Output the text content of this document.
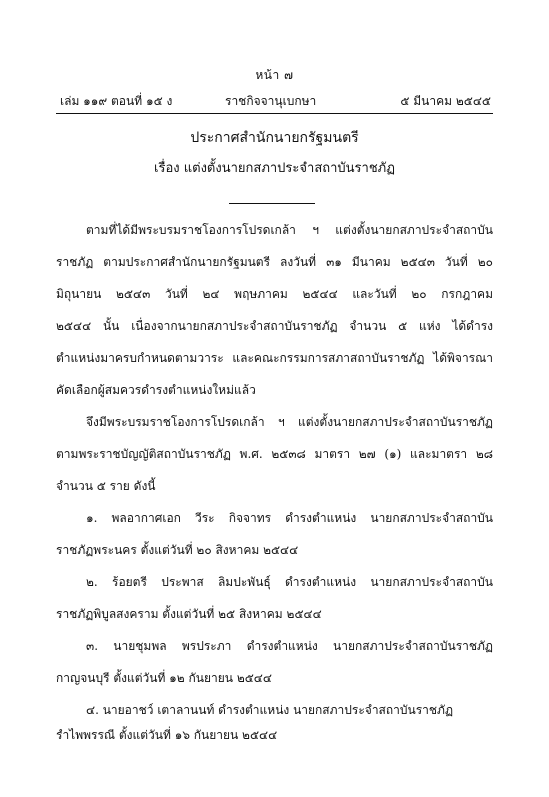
หน้า ๗
เล่ม ๑๑๙ ตอนที่ ๑๕ ง	ราชกิจจานุเบกษา	๕ มีนาคม ๒๕๔๕
ประกาศสำนักนายกรัฐมนตรี
เรื่อง แต่งตั้งนายกสภาประจำสถาบันราชภัฏ
ตามที่ได้มีพระบรมราชโองการโปรดเกล้า ฯ แต่งตั้งนายกสภาประจำสถาบัน
ราชภัฏ ตามประกาศสำนักนายกรัฐมนตรี ลงวันที่ ๓๑ มีนาคม ๒๕๔๓ วันที่ ๒๐
มิถุนายน ๒๕๔๓ วันที่ ๒๔ พฤษภาคม ๒๕๔๔ และวันที่ ๒๐ กรกฎาคม
๒๕๔๔ นั้น เนื่องจากนายกสภาประจำสถาบันราชภัฏ จำนวน ๕ แห่ง ได้ดำรง
ตำแหน่งมาครบกำหนดตามวาระ และคณะกรรมการสภาสถาบันราชภัฏ ได้พิจารณา
คัดเลือกผู้สมควรดำรงตำแหน่งใหม่แล้ว
จึงมีพระบรมราชโองการโปรดเกล้า ฯ แต่งตั้งนายกสภาประจำสถาบันราชภัฏ
ตามพระราชบัญญัติสถาบันราชภัฏ พ.ศ. ๒๕๓๘ มาตรา ๒๗ (๑) และมาตรา ๒๘
จำนวน ๕ ราย ดังนี้
๑. พลอากาศเอก วีระ กิจจาทร ดำรงตำแหน่ง นายกสภาประจำสถาบัน
ราชภัฏพระนคร ตั้งแต่วันที่ ๒๐ สิงหาคม ๒๕๔๔
๒. ร้อยตรี ประพาส ลิมปะพันธุ์ ดำรงตำแหน่ง นายกสภาประจำสถาบัน
ราชภัฏพิบูลสงคราม ตั้งแต่วันที่ ๒๕ สิงหาคม ๒๕๔๔
๓. นายชุมพล พรประภา ดำรงตำแหน่ง นายกสภาประจำสถาบันราชภัฏ
กาญจนบุรี ตั้งแต่วันที่ ๑๒ กันยายน ๒๕๔๔
๔. นายอาชว์ เตาลานนท์ ดำรงตำแหน่ง นายกสภาประจำสถาบันราชภัฏ
รำไพพรรณี ตั้งแต่วันที่ ๑๖ กันยายน ๒๕๔๔
